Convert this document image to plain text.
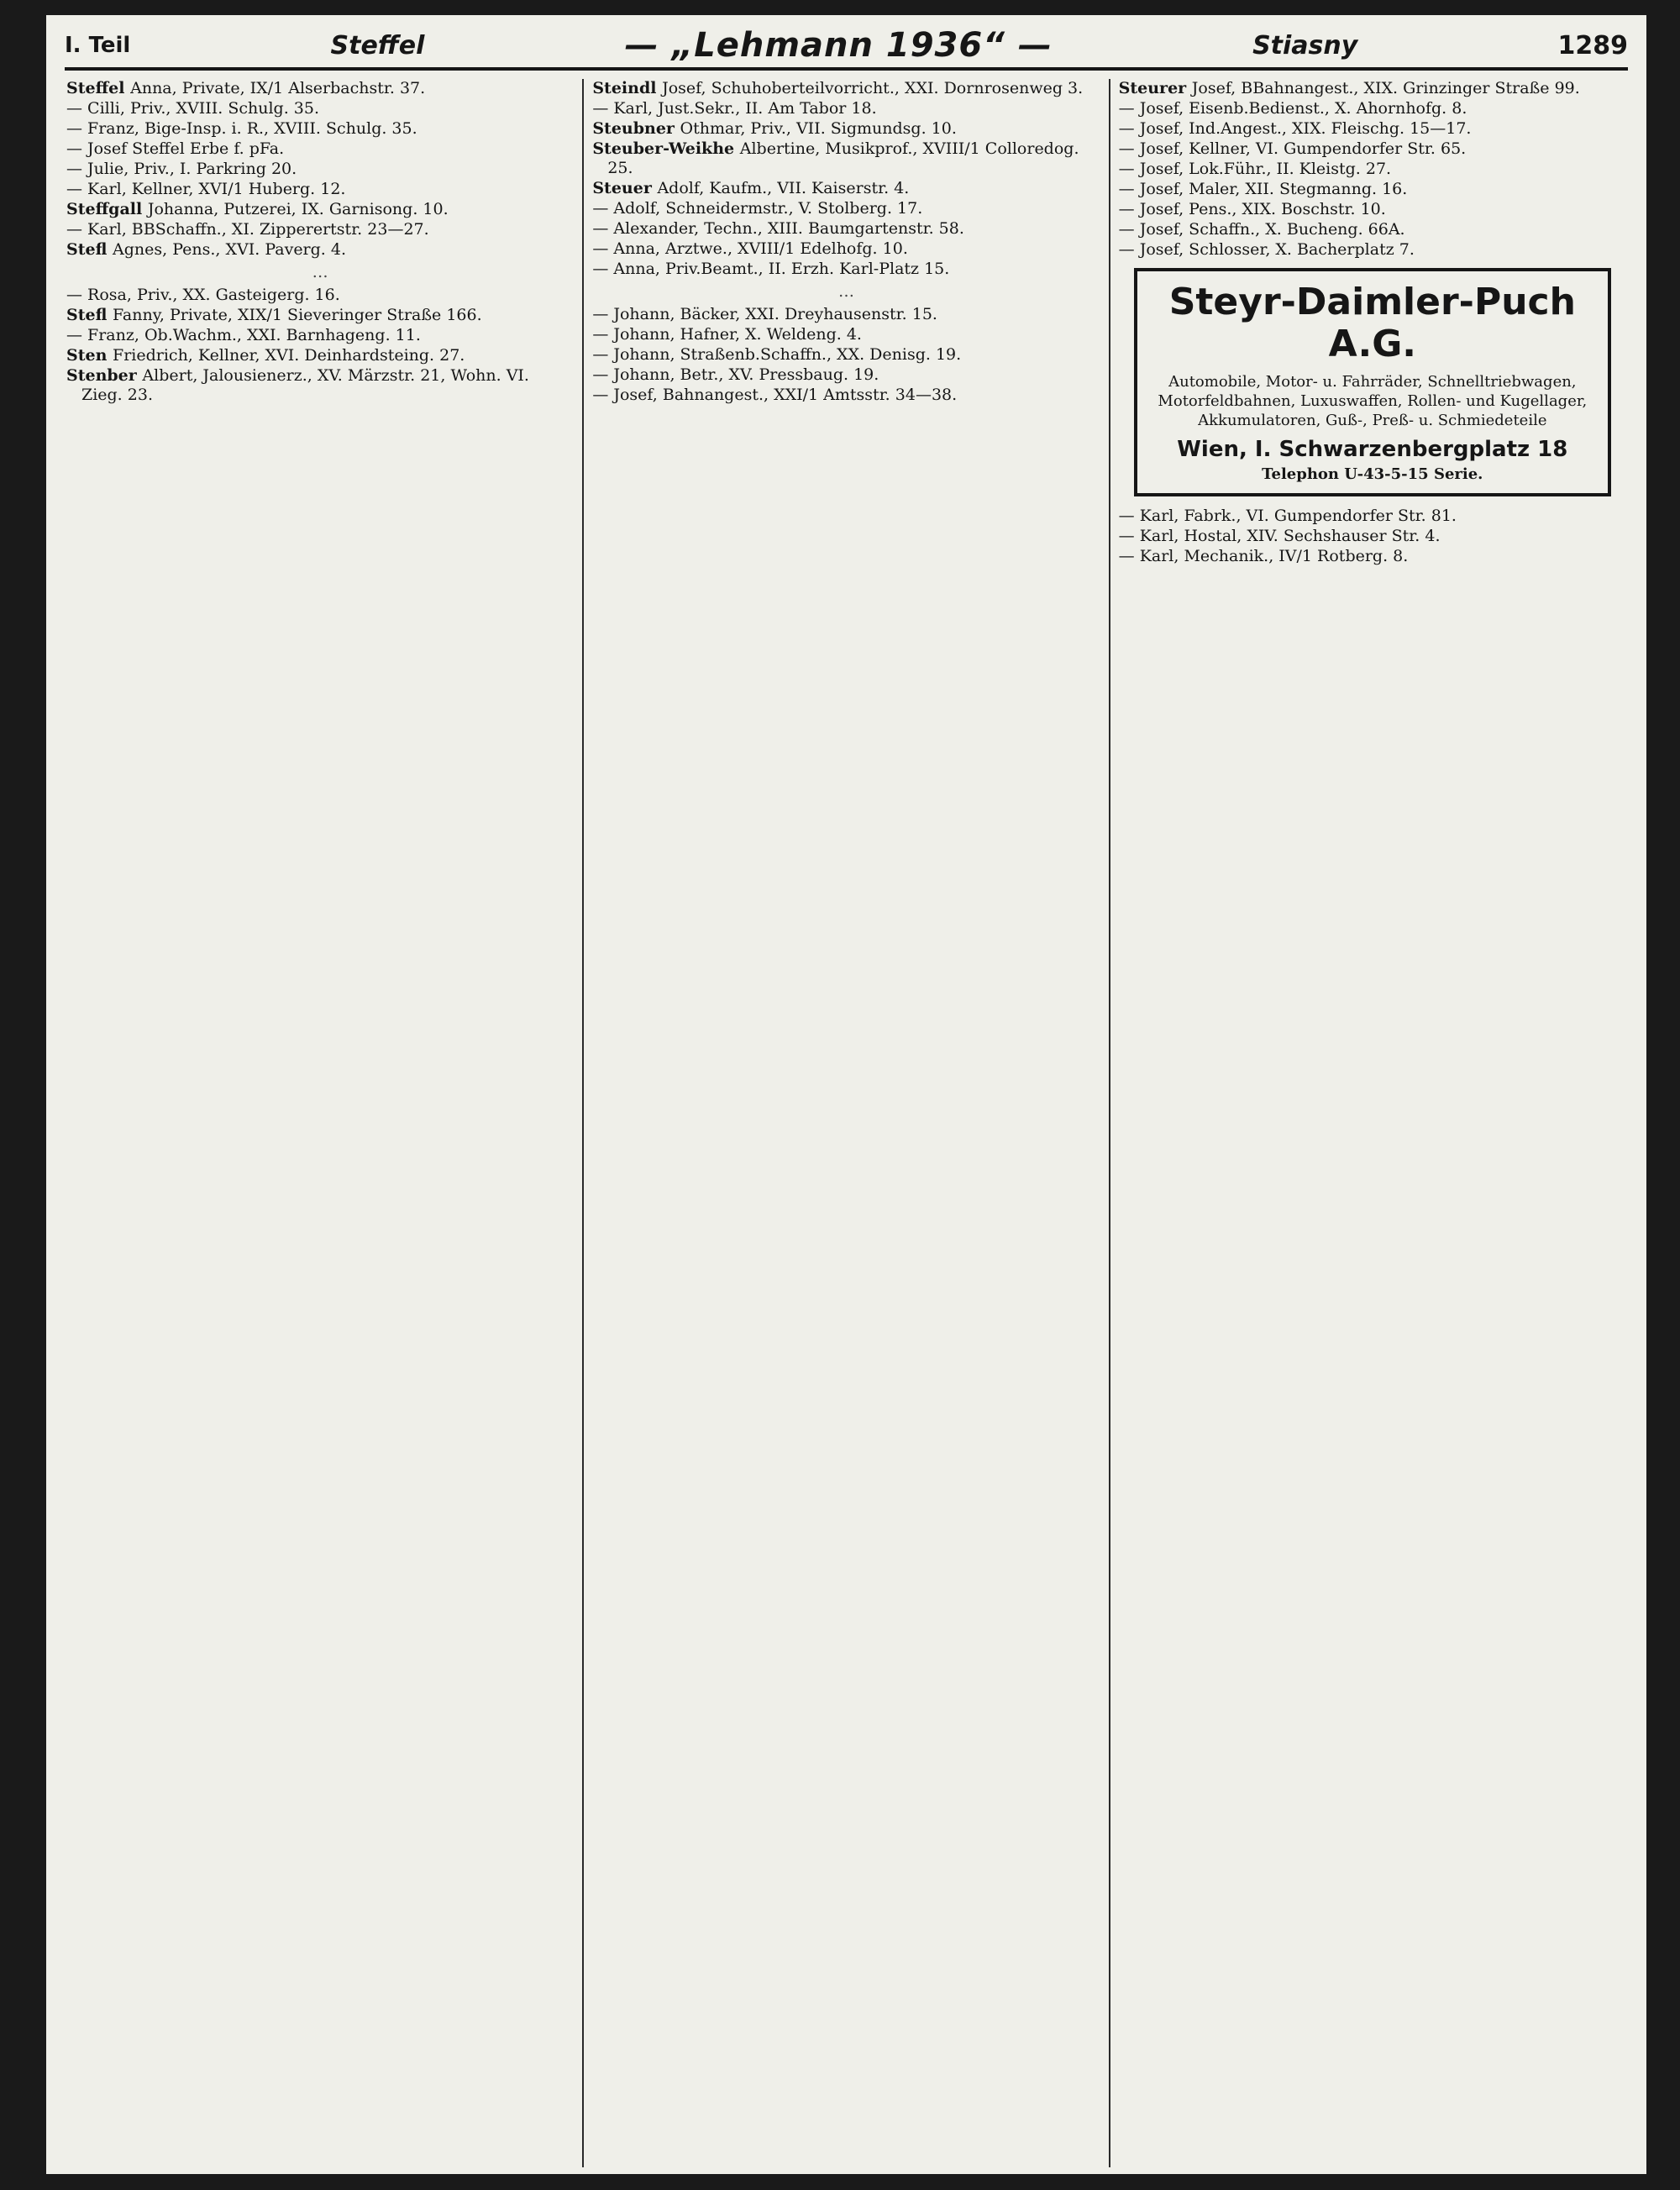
I. Teil	Steffel	— „Lehmann 1936“ —	Stiasny	1289

Steffel Anna, Private, IX/1 Alserbachstr. 37.

— Cilli, Priv., XVIII. Schulg. 35.

— Franz, Bige-Insp. i. R., XVIII. Schulg. 35.

— Josef Steffel Erbe f. pFa.

— Julie, Priv., I. Parkring 20.

— Karl, Kellner, XVI/1 Huberg. 12.

Steffgall Johanna, Putzerei, IX. Garnisong. 10.

— Karl, BBSchaffn., XI. Zipperertstr. 23—27.

Stefl Agnes, Pens., XVI. Paverg. 4.

…

— Rosa, Priv., XX. Gasteigerg. 16.

Stefl Fanny, Private, XIX/1 Sieveringer Straße 166.

— Franz, Ob.Wachm., XXI. Barnhageng. 11.

Sten Friedrich, Kellner, XVI. Deinhardsteing. 27.

Stenber Albert, Jalousienerz., XV. Märzstr. 21, Wohn. VI. Zieg. 23.

Steindl Josef, Schuhoberteilvorricht., XXI. Dornrosenweg 3.

— Karl, Just.Sekr., II. Am Tabor 18.

Steubner Othmar, Priv., VII. Sigmundsg. 10.

Steuber-Weikhe Albertine, Musikprof., XVIII/1 Colloredog. 25.

Steuer Adolf, Kaufm., VII. Kaiserstr. 4.

— Adolf, Schneidermstr., V. Stolberg. 17.

— Alexander, Techn., XIII. Baumgartenstr. 58.

— Anna, Arztwe., XVIII/1 Edelhofg. 10.

— Anna, Priv.Beamt., II. Erzh. Karl-Platz 15.

…

— Johann, Bäcker, XXI. Dreyhausenstr. 15.

— Johann, Hafner, X. Weldeng. 4.

— Johann, Straßenb.Schaffn., XX. Denisg. 19.

— Johann, Betr., XV. Pressbaug. 19.

— Josef, Bahnangest., XXI/1 Amtsstr. 34—38.

Steurer Josef, BBahnangest., XIX. Grinzinger Straße 99.

— Josef, Eisenb.Bedienst., X. Ahornhofg. 8.

— Josef, Ind.Angest., XIX. Fleischg. 15—17.

— Josef, Kellner, VI. Gumpendorfer Str. 65.

— Josef, Lok.Führ., II. Kleistg. 27.

— Josef, Maler, XII. Stegmanng. 16.

— Josef, Pens., XIX. Boschstr. 10.

— Josef, Schaffn., X. Bucheng. 66A.

— Josef, Schlosser, X. Bacherplatz 7.

Steyr-Daimler-Puch A.G.
Automobile, Motor- u. Fahrräder, Schnelltriebwagen, Motorfeldbahnen, Luxuswaffen, Rollen- und Kugellager, Akkumulatoren, Guß-, Preß- u. Schmiedeteile
Wien, I. Schwarzenbergplatz 18
Telephon U-43-5-15 Serie.

— Karl, Fabrk., VI. Gumpendorfer Str. 81.

— Karl, Hostal, XIV. Sechshauser Str. 4.

— Karl, Mechanik., IV/1 Rotberg. 8.
